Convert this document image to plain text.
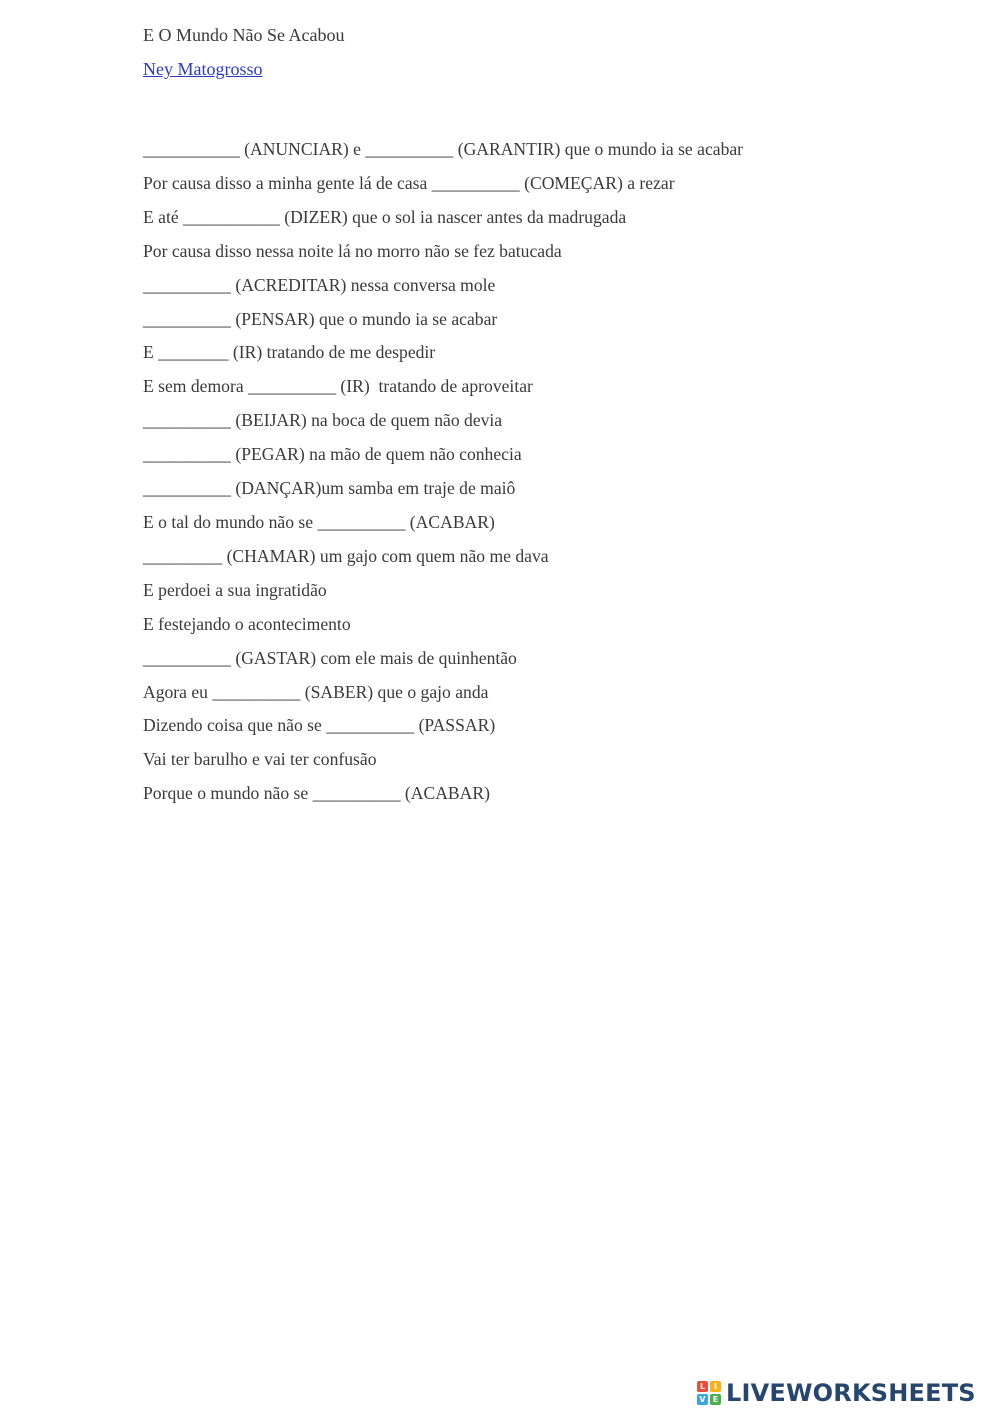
E O Mundo Não Se Acabou

Ney Matogrosso
___________ (ANUNCIAR) e __________ (GARANTIR) que o mundo ia se acabar
Por causa disso a minha gente lá de casa __________ (COMEÇAR) a rezar
E até ___________ (DIZER) que o sol ia nascer antes da madrugada
Por causa disso nessa noite lá no morro não se fez batucada
__________ (ACREDITAR) nessa conversa mole
__________ (PENSAR) que o mundo ia se acabar
E ________ (IR) tratando de me despedir
E sem demora __________ (IR)  tratando de aproveitar
__________ (BEIJAR) na boca de quem não devia
__________ (PEGAR) na mão de quem não conhecia
__________ (DANÇAR)um samba em traje de maiô
E o tal do mundo não se __________ (ACABAR)
_________ (CHAMAR) um gajo com quem não me dava
E perdoei a sua ingratidão
E festejando o acontecimento
__________ (GASTAR) com ele mais de quinhentão
Agora eu __________ (SABER) que o gajo anda
Dizendo coisa que não se __________ (PASSAR)
Vai ter barulho e vai ter confusão
Porque o mundo não se __________ (ACABAR)
L	I
V E LIVEWORKSHEETS
